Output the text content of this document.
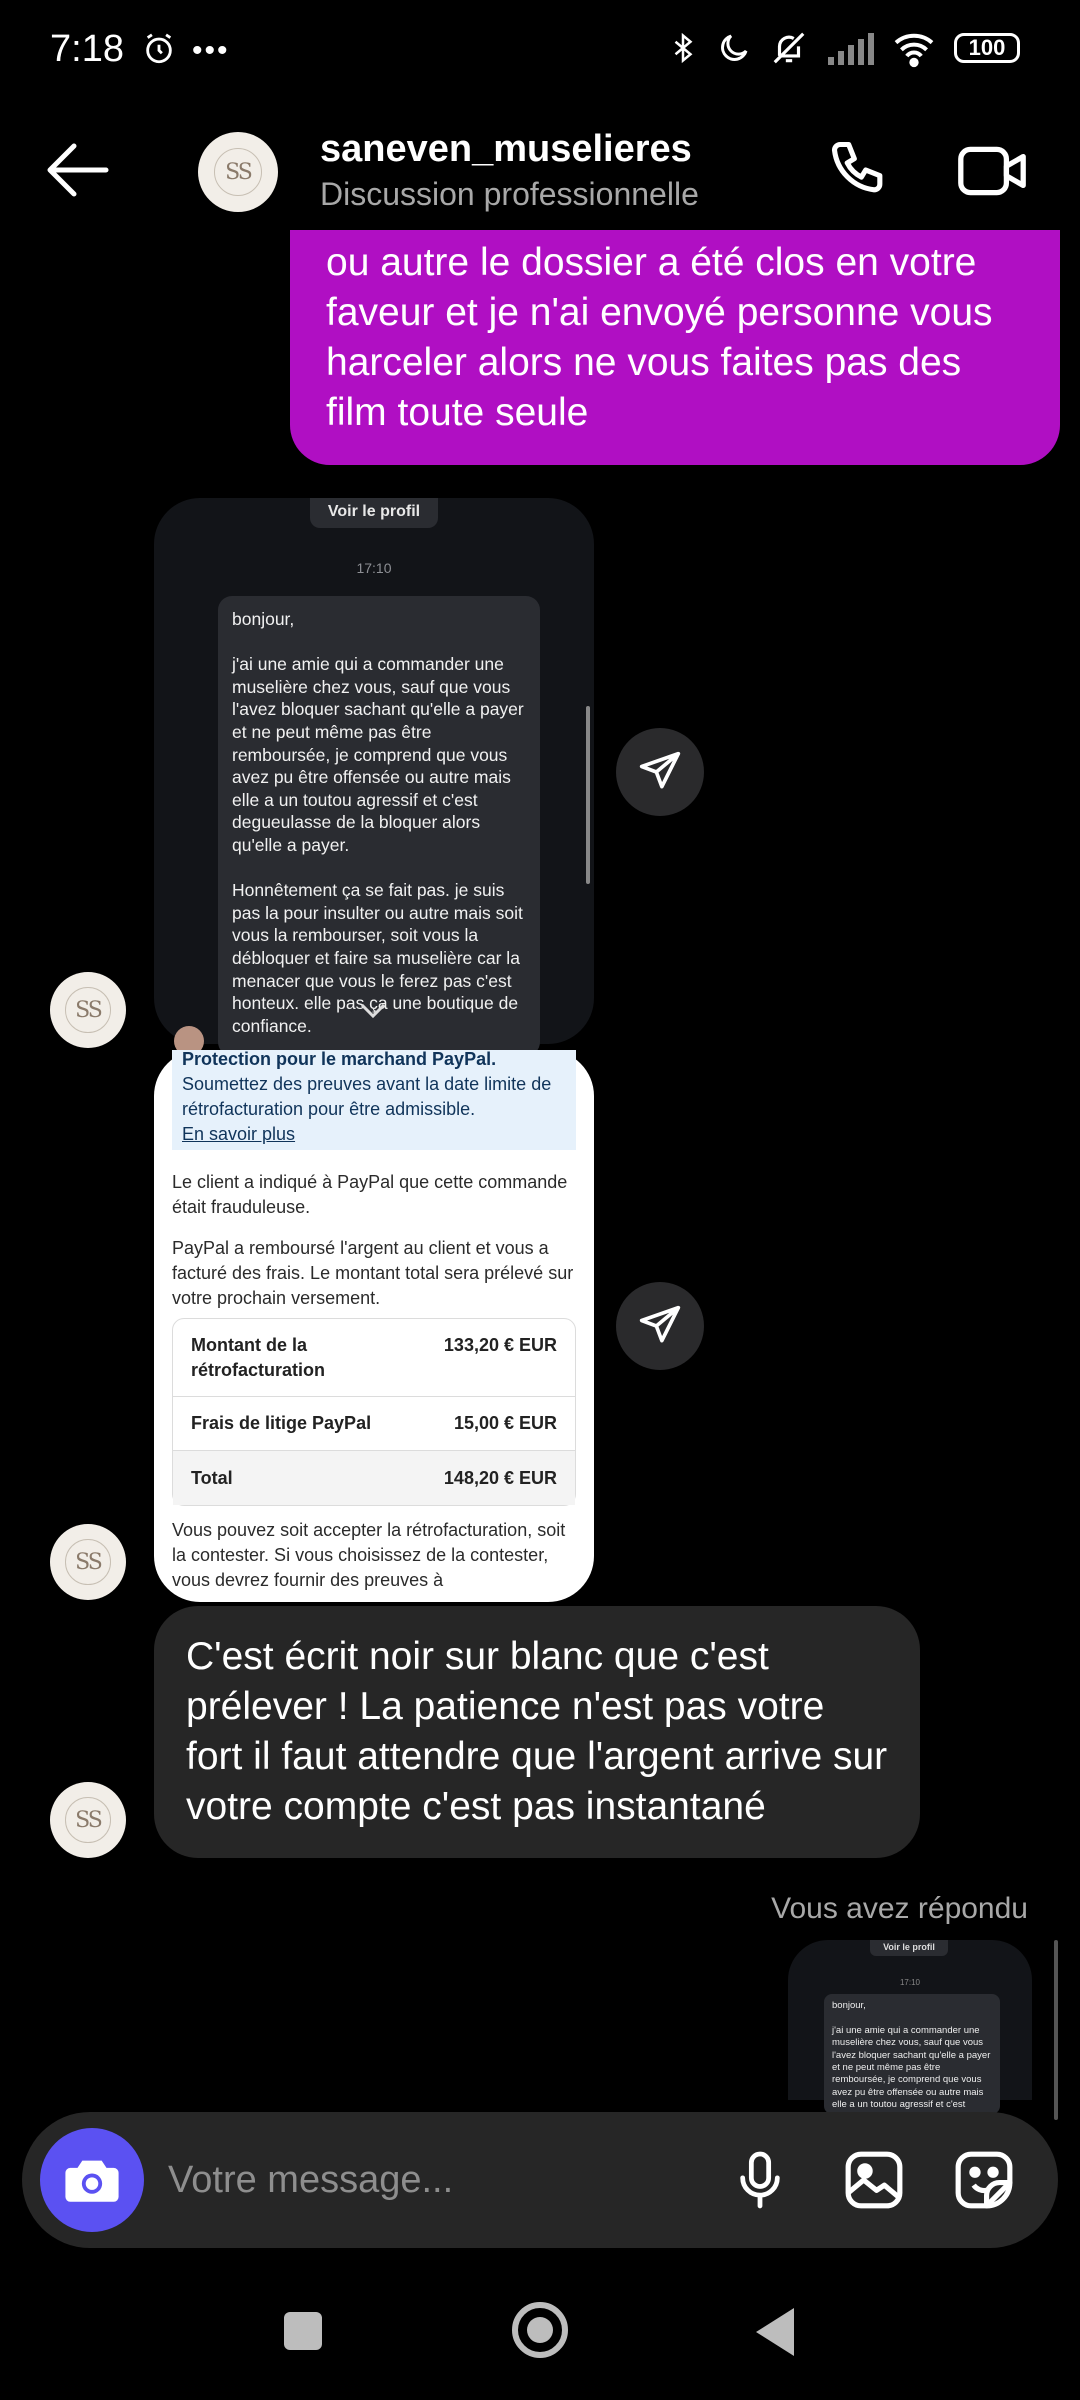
7:18 •••	100
SS
saneven_muselieres
Discussion professionnelle
ou autre le dossier a été clos en votre faveur et je n'ai envoyé personne vous harceler alors ne vous faites pas des film toute seule
SS
Voir le profil
17:10
bonjour,

j'ai une amie qui a commander une muselière chez vous, sauf que vous l'avez bloquer sachant qu'elle a payer et ne peut même pas être remboursée, je comprend que vous avez pu être offensée ou autre mais elle a un toutou agressif et c'est degueulasse de la bloquer alors qu'elle a payer.

Honnêtement ça se fait pas. je suis pas la pour insulter ou autre mais soit vous la rembourser, soit vous la débloquer et faire sa muselière car la menacer que vous le ferez pas c'est honteux. elle pas ça une boutique de confiance.
SS
Protection pour le marchand PayPal.
Soumettez des preuves avant la date limite de rétrofacturation pour être admissible.
En savoir plus
Le client a indiqué à PayPal que cette commande était frauduleuse.
PayPal a remboursé l'argent au client et vous a facturé des frais. Le montant total sera prélevé sur votre prochain versement.
Montant de la rétrofacturation
133,20 € EUR
Frais de litige PayPal	15,00 € EUR
Total	148,20 € EUR
Vous pouvez soit accepter la rétrofacturation, soit la contester. Si vous choisissez de la contester, vous devrez fournir des preuves à
SS
C'est écrit noir sur blanc que c'est prélever ! La patience n'est pas votre fort il faut attendre que l'argent arrive sur votre compte c'est pas instantané
Vous avez répondu
Voir le profil
17:10
bonjour,

j'ai une amie qui a commander une muselière chez vous, sauf que vous l'avez bloquer sachant qu'elle a payer et ne peut même pas être remboursée, je comprend que vous avez pu être offensée ou autre mais elle a un toutou agressif et c'est
Votre message...
